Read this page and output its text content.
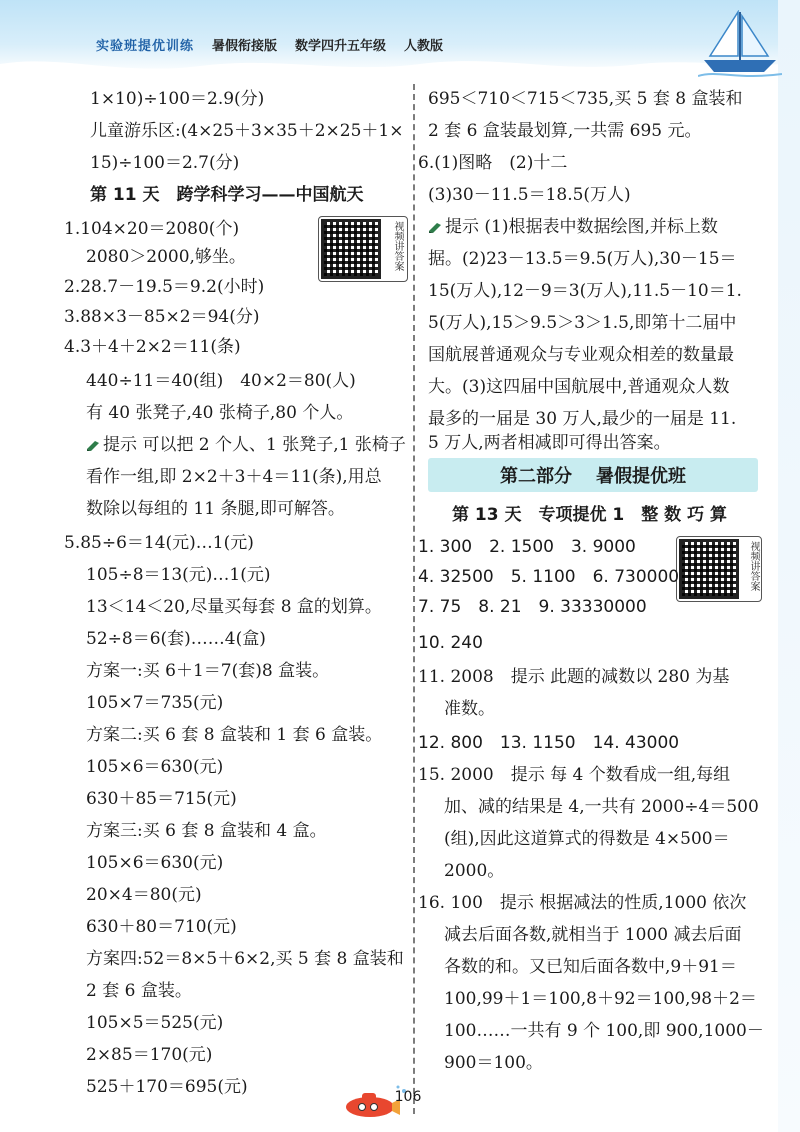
实验班提优训练 暑假衔接版 数学四升五年级 人教版
1×10)÷100＝2.9(分)
儿童游乐区:(4×25＋3×35＋2×25＋1×
15)÷100＝2.7(分)
第 11 天　跨学科学习——中国航天
1.104×20＝2080(个)
2080＞2000,够坐。	视频讲答案
2.28.7－19.5＝9.2(小时)
3.88×3－85×2＝94(分)
4.3＋4＋2×2＝11(条)
440÷11＝40(组)　40×2＝80(人)
有 40 张凳子,40 张椅子,80 个人。
提示 可以把 2 个人、1 张凳子,1 张椅子
看作一组,即 2×2＋3＋4＝11(条),用总
数除以每组的 11 条腿,即可解答。
5.85÷6＝14(元)…1(元)
105÷8＝13(元)…1(元)
13＜14＜20,尽量买每套 8 盒的划算。
52÷8＝6(套)……4(盒)
方案一:买 6＋1＝7(套)8 盒装。
105×7＝735(元)
方案二:买 6 套 8 盒装和 1 套 6 盒装。
105×6＝630(元)
630＋85＝715(元)
方案三:买 6 套 8 盒装和 4 盒。
105×6＝630(元)
20×4＝80(元)
630＋80＝710(元)
方案四:52＝8×5＋6×2,买 5 套 8 盒装和
2 套 6 盒装。
105×5＝525(元)
2×85＝170(元)
525＋170＝695(元)
695＜710＜715＜735,买 5 套 8 盒装和
2 套 6 盒装最划算,一共需 695 元。
6.(1)图略　(2)十二
(3)30－11.5＝18.5(万人)
提示 (1)根据表中数据绘图,并标上数
据。(2)23－13.5＝9.5(万人),30－15＝
15(万人),12－9＝3(万人),11.5－10＝1.
5(万人),15＞9.5＞3＞1.5,即第十二届中
国航展普通观众与专业观众相差的数量最
大。(3)这四届中国航展中,普通观众人数
最多的一届是 30 万人,最少的一届是 11.
5 万人,两者相减即可得出答案。
第二部分 暑假提优班
第 13 天　专项提优 1　整 数 巧 算
视频讲答案
1. 300　2. 1500　3. 9000
4. 32500　5. 1100　6. 730000
7. 75　8. 21　9. 33330000
10. 240
11. 2008　提示 此题的减数以 280 为基
准数。
12. 800　13. 1150　14. 43000
15. 2000　提示 每 4 个数看成一组,每组
加、减的结果是 4,一共有 2000÷4＝500
(组),因此这道算式的得数是 4×500＝
2000。
16. 100　提示 根据减法的性质,1000 依次
减去后面各数,就相当于 1000 减去后面
各数的和。又已知后面各数中,9＋91＝
100,99＋1＝100,8＋92＝100,98＋2＝
100……一共有 9 个 100,即 900,1000－
900＝100。
106
